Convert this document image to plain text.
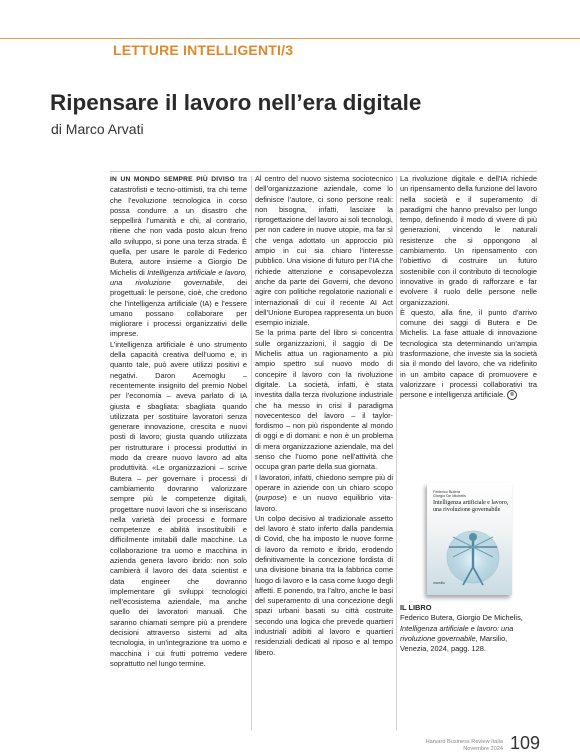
LETTURE INTELLIGENTI/3
Ripensare il lavoro nell’era digitale
di Marco Arvati

IN UN MONDO SEMPRE PIÙ DIVISO tra catastrofisti e tecno-ottimisti, tra chi teme che l’evoluzione tecnologica in corso possa condurre a un disastro che seppellirà l’umanità e chi, al contrario, ritiene che non vada posto alcun freno allo sviluppo, si pone una terza strada. È quella, per usare le parole di Federico Butera, autore insieme a Giorgio De Michelis di Intelligenza artificiale e lavoro, una rivoluzione governabile, dei progettuali: le persone, cioè, che credono che l’intelligenza artificiale (IA) e l’essere umano possano collaborare per migliorare i processi organizzativi delle imprese.

L’intelligenza artificiale è uno strumento della capacità creativa dell’uomo e, in quanto tale, può avere utilizzi positivi e negativi. Daron Acemoglu – recentemente insignito del premio Nobel per l’economia – aveva parlato di IA giusta e sbagliata: sbagliata quando utilizzata per sostituire lavoratori senza generare innovazione, crescita e nuovi posti di lavoro; giusta quando utilizzata per ristrutturare i processi produttivi in modo da creare nuovo lavoro ad alta produttività. «Le organizzazioni – scrive Butera – per governare i processi di cambiamento dovranno valorizzare sempre più le competenze digitali, progettare nuovi lavori che si inseriscano nella varietà dei processi e formare competenze e abilità insostituibili e difficilmente imitabili dalle macchine. La collaborazione tra uomo e macchina in azienda genera lavoro ibrido: non solo cambierà il lavoro dei data scientist e data engineer che dovranno implementare gli sviluppi tecnologici nell’ecosistema aziendale, ma anche quello dei lavoratori manuali. Che saranno chiamati sempre più a prendere decisioni attraverso sistemi ad alta tecnologia, in un’integrazione tra uomo e macchina i cui frutti potremo vedere soprattutto nel lungo termine.

Al centro del nuovo sistema sociotecnico dell’organizzazione aziendale, come lo definisce l’autore, ci sono persone reali: non bisogna, infatti, lasciare la riprogettazione del lavoro ai soli tecnologi, per non cadere in nuove utopie, ma far sì che venga adottato un approccio più ampio in cui sia chiaro l’interesse pubblico. Una visione di futuro per l’IA che richiede attenzione e consapevolezza anche da parte dei Governi, che devono agire con politiche regolatorie nazionali e internazionali di cui il recente AI Act dell’Unione Europea rappresenta un buon esempio iniziale.

Se la prima parte del libro si concentra sulle organizzazioni, il saggio di De Michelis attua un ragionamento a più ampio spettro sul nuovo modo di concepire il lavoro con la rivoluzione digitale. La società, infatti, è stata investita dalla terza rivoluzione industriale che ha messo in crisi il paradigma novecentesco del lavoro – il taylor-fordismo – non più rispondente al mondo di oggi e di domani: e non è un problema di mera organizzazione aziendale, ma del senso che l’uomo pone nell’attività che occupa gran parte della sua giornata.

I lavoratori, infatti, chiedono sempre più di operare in aziende con un chiaro scopo (purpose) e un nuovo equilibrio vita-lavoro.

Un colpo decisivo al tradizionale assetto del lavoro è stato inferto dalla pandemia di Covid, che ha imposto le nuove forme di lavoro da remoto e ibrido, erodendo definitivamente la concezione fordista di una divisione binaria tra la fabbrica come luogo di lavoro e la casa come luogo degli affetti. E ponendo, tra l’altro, anche le basi del superamento di una concezione degli spazi urbani basati su città costruite secondo una logica che prevede quartieri industriali adibiti al lavoro e quartieri residenziali dedicati al riposo e al tempo libero.

La rivoluzione digitale e dell’IA richiede un ripensamento della funzione del lavoro nella società e il superamento di paradigmi che hanno prevalso per lungo tempo, definendo il modo di vivere di più generazioni, vincendo le naturali resistenze che si oppongono al cambiamento. Un ripensamento con l’obiettivo di costruire un futuro sostenibile con il contributo di tecnologie innovative in grado di rafforzare e far evolvere il ruolo delle persone nelle organizzazioni.

È questo, alla fine, il punto d’arrivo comune dei saggi di Butera e De Michelis. La fase attuale di innovazione tecnologica sta determinando un’ampia trasformazione, che investe sia la società sia il mondo del lavoro, che va ridefinito in un ambito capace di promuovere e valorizzare i processi collaborativi tra persone e intelligenza artificiale. ®

Federico Butera
Giorgio De Michelis
Intelligenza artificiale e lavoro, una rivoluzione governabile
marsilio
IL LIBRO
Federico Butera, Giorgio De Michelis, Intelligenza artificiale e lavoro: una rivoluzione governabile, Marsilio, Venezia, 2024, pagg. 128.
Harvard Business Review Italia
Novembre 2024 109
